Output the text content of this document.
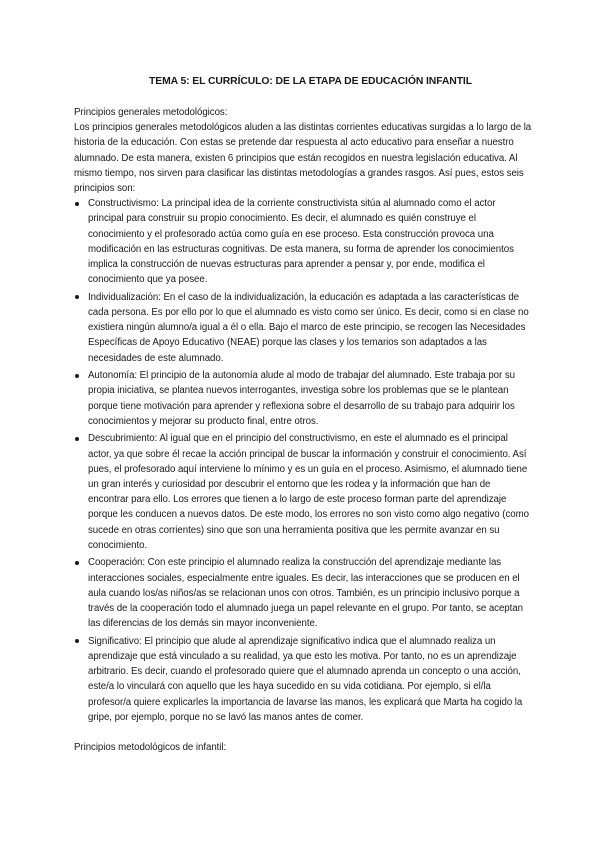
TEMA 5: EL CURRÍCULO: DE LA ETAPA DE EDUCACIÓN INFANTIL

Principios generales metodológicos:

Los principios generales metodológicos aluden a las distintas corrientes educativas surgidas a lo largo de la historia de la educación. Con estas se pretende dar respuesta al acto educativo para enseñar a nuestro alumnado. De esta manera, existen 6 principios que están recogidos en nuestra legislación educativa. Al mismo tiempo, nos sirven para clasificar las distintas metodologías a grandes rasgos. Así pues, estos seis principios son:

Constructivismo: La principal idea de la corriente constructivista sitúa al alumnado como el actor principal para construir su propio conocimiento. Es decir, el alumnado es quién construye el conocimiento y el profesorado actúa como guía en ese proceso. Esta construcción provoca una modificación en las estructuras cognitivas. De esta manera, su forma de aprender los conocimientos implica la construcción de nuevas estructuras para aprender a pensar y, por ende, modifica el conocimiento que ya posee.
Individualización: En el caso de la individualización, la educación es adaptada a las características de cada persona. Es por ello por lo que el alumnado es visto como ser único. Es decir, como si en clase no existiera ningún alumno/a igual a él o ella. Bajo el marco de este principio, se recogen las Necesidades Específicas de Apoyo Educativo (NEAE) porque las clases y los temarios son adaptados a las necesidades de este alumnado.
Autonomía: El principio de la autonomía alude al modo de trabajar del alumnado. Este trabaja por su propia iniciativa, se plantea nuevos interrogantes, investiga sobre los problemas que se le plantean porque tiene motivación para aprender y reflexiona sobre el desarrollo de su trabajo para adquirir los conocimientos y mejorar su producto final, entre otros.
Descubrimiento: Al igual que en el principio del constructivismo, en este el alumnado es el principal actor, ya que sobre él recae la acción principal de buscar la información y construir el conocimiento. Así pues, el profesorado aquí interviene lo mínimo y es un guía en el proceso. Asimismo, el alumnado tiene un gran interés y curiosidad por descubrir el entorno que les rodea y la información que han de encontrar para ello. Los errores que tienen a lo largo de este proceso forman parte del aprendizaje porque les conducen a nuevos datos. De este modo, los errores no son visto como algo negativo (como sucede en otras corrientes) sino que son una herramienta positiva que les permite avanzar en su conocimiento.
Cooperación: Con este principio el alumnado realiza la construcción del aprendizaje mediante las interacciones sociales, especialmente entre iguales. Es decir, las interacciones que se producen en el aula cuando los/as niños/as se relacionan unos con otros. También, es un principio inclusivo porque a través de la cooperación todo el alumnado juega un papel relevante en el grupo. Por tanto, se aceptan las diferencias de los demás sin mayor inconveniente.
Significativo: El principio que alude al aprendizaje significativo indica que el alumnado realiza un aprendizaje que está vinculado a su realidad, ya que esto les motiva. Por tanto, no es un aprendizaje arbitrario. Es decir, cuando el profesorado quiere que el alumnado aprenda un concepto o una acción, este/a lo vinculará con aquello que les haya sucedido en su vida cotidiana. Por ejemplo, si el/la profesor/a quiere explicarles la importancia de lavarse las manos, les explicará que Marta ha cogido la gripe, por ejemplo, porque no se lavó las manos antes de comer.

Principios metodológicos de infantil:
